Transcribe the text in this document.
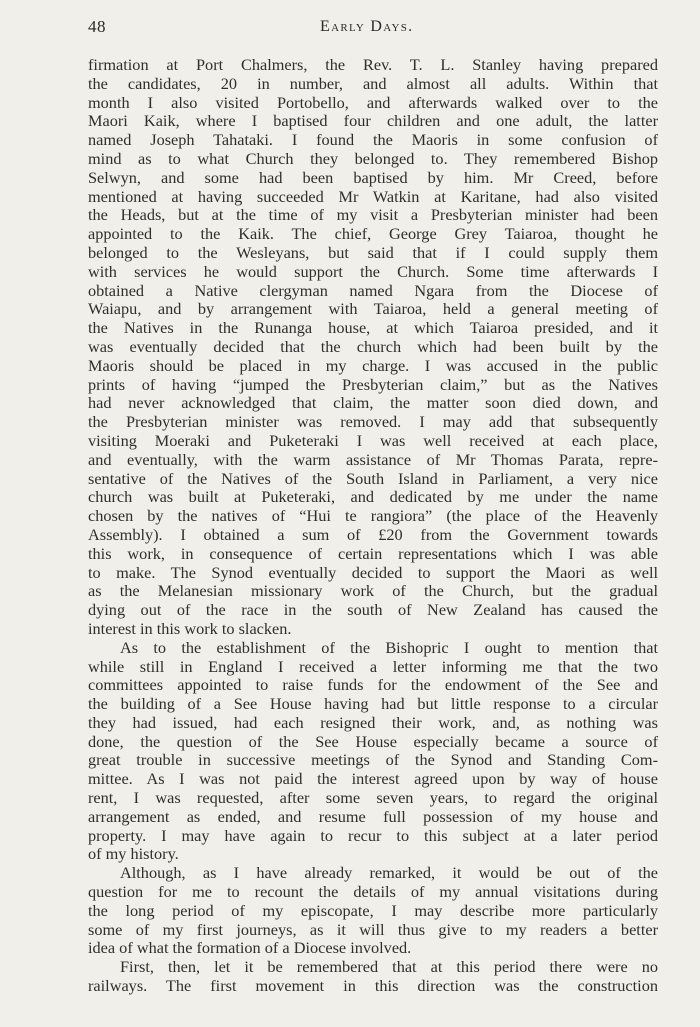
48	Early Days.
firmation at Port Chalmers, the Rev. T. L. Stanley having prepared
the candidates, 20 in number, and almost all adults. Within that
month I also visited Portobello, and afterwards walked over to the
Maori Kaik, where I baptised four children and one adult, the latter
named Joseph Tahataki. I found the Maoris in some confusion of
mind as to what Church they belonged to. They remembered Bishop
Selwyn, and some had been baptised by him. Mr Creed, before
mentioned at having succeeded Mr Watkin at Karitane, had also visited
the Heads, but at the time of my visit a Presbyterian minister had been
appointed to the Kaik. The chief, George Grey Taiaroa, thought he
belonged to the Wesleyans, but said that if I could supply them
with services he would support the Church. Some time afterwards I
obtained a Native clergyman named Ngara from the Diocese of
Waiapu, and by arrangement with Taiaroa, held a general meeting of
the Natives in the Runanga house, at which Taiaroa presided, and it
was eventually decided that the church which had been built by the
Maoris should be placed in my charge. I was accused in the public
prints of having “jumped the Presbyterian claim,” but as the Natives
had never acknowledged that claim, the matter soon died down, and
the Presbyterian minister was removed. I may add that subsequently
visiting Moeraki and Puketeraki I was well received at each place,
and eventually, with the warm assistance of Mr Thomas Parata, repre-
sentative of the Natives of the South Island in Parliament, a very nice
church was built at Puketeraki, and dedicated by me under the name
chosen by the natives of “Hui te rangiora” (the place of the Heavenly
Assembly). I obtained a sum of £20 from the Government towards
this work, in consequence of certain representations which I was able
to make. The Synod eventually decided to support the Maori as well
as the Melanesian missionary work of the Church, but the gradual
dying out of the race in the south of New Zealand has caused the
interest in this work to slacken.
As to the establishment of the Bishopric I ought to mention that
while still in England I received a letter informing me that the two
committees appointed to raise funds for the endowment of the See and
the building of a See House having had but little response to a circular
they had issued, had each resigned their work, and, as nothing was
done, the question of the See House especially became a source of
great trouble in successive meetings of the Synod and Standing Com-
mittee. As I was not paid the interest agreed upon by way of house
rent, I was requested, after some seven years, to regard the original
arrangement as ended, and resume full possession of my house and
property. I may have again to recur to this subject at a later period
of my history.
Although, as I have already remarked, it would be out of the
question for me to recount the details of my annual visitations during
the long period of my episcopate, I may describe more particularly
some of my first journeys, as it will thus give to my readers a better
idea of what the formation of a Diocese involved.
First, then, let it be remembered that at this period there were no
railways. The first movement in this direction was the construction
